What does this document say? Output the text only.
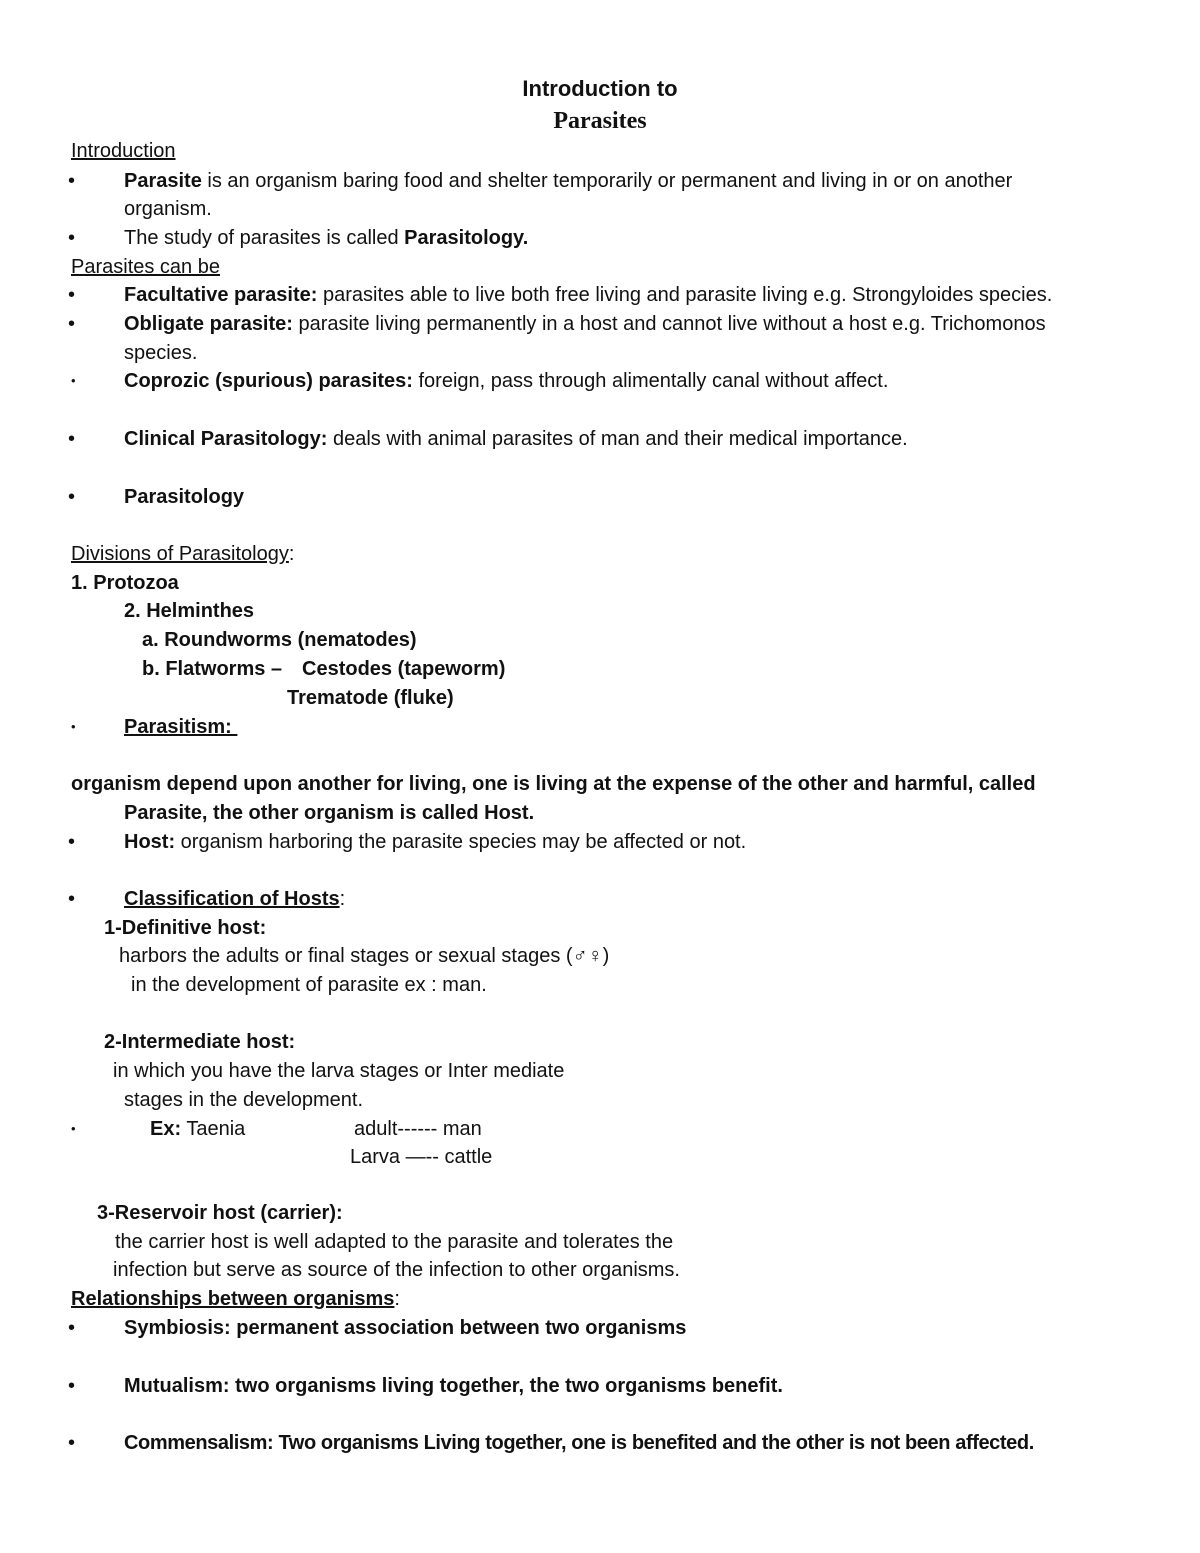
Introduction to
Parasites
Introduction
• Parasite is an organism baring food and shelter temporarily or permanent and living in or on another
organism.
• The study of parasites is called Parasitology.
Parasites can be
• Facultative parasite: parasites able to live both free living and parasite living e.g. Strongyloides species.
• Obligate parasite: parasite living permanently in a host and cannot live without a host e.g. Trichomonos
species.
• Coprozic (spurious) parasites: foreign, pass through alimentally canal without affect.
• Clinical Parasitology: deals with animal parasites of man and their medical importance.
• Parasitology
Divisions of Parasitology:
1. Protozoa
2. Helminthes
a. Roundworms (nematodes)
b. Flatworms – Cestodes (tapeworm)
Trematode (fluke)
• Parasitism:
organism depend upon another for living, one is living at the expense of the other and harmful, called
Parasite, the other organism is called Host.
• Host: organism harboring the parasite species may be affected or not.
• Classification of Hosts:
1-Definitive host:
harbors the adults or final stages or sexual stages (♂♀)
in the development of parasite ex : man.
2-Intermediate host:
in which you have the larva stages or Inter mediate
stages in the development.
•	Ex: Taenia	adult------ man
Larva —-- cattle
3-Reservoir host (carrier):
the carrier host is well adapted to the parasite and tolerates the
infection but serve as source of the infection to other organisms.
Relationships between organisms:
• Symbiosis: permanent association between two organisms
• Mutualism: two organisms living together, the two organisms benefit.
• Commensalism: Two organisms Living together, one is benefited and the other is not been affected.
